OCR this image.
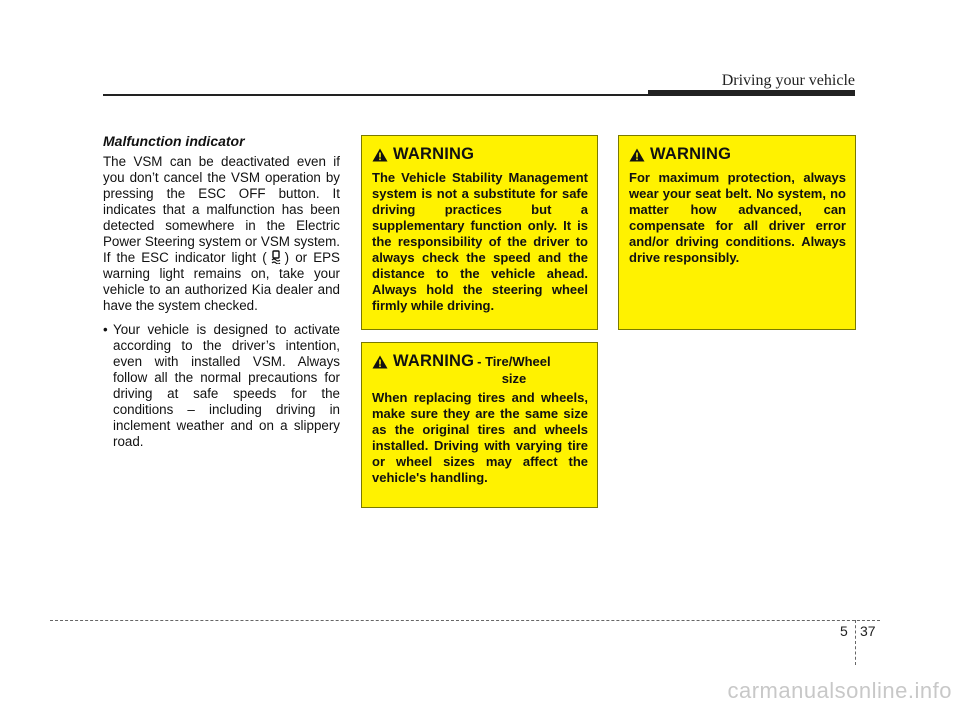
Driving your vehicle
Malfunction indicator

The VSM can be deactivated even if you don’t cancel the VSM operation by pressing the ESC OFF button. It indicates that a malfunction has been detected somewhere in the Electric Power Steering system or VSM system. If the ESC indicator light ( ) or EPS warning light remains on, take your vehicle to an authorized Kia dealer and have the system checked.

• Your vehicle is designed to activate according to the driver’s intention, even with installed VSM. Always follow all the normal precautions for driving at safe speeds for the conditions – including driving in inclement weather and on a slippery road.
WARNING

The Vehicle Stability Management system is not a substitute for safe driving practices but a supplementary function only. It is the responsibility of the driver to always check the speed and the distance to the vehicle ahead. Always hold the steering wheel firmly while driving.

WARNING - Tire/Wheel
size

When replacing tires and wheels, make sure they are the same size as the original tires and wheels installed. Driving with varying tire or wheel sizes may affect the vehicle's handling.

WARNING

For maximum protection, always wear your seat belt. No system, no matter how advanced, can compensate for all driver error and/or driving conditions. Always drive responsibly.

5 37
carmanualsonline.info
